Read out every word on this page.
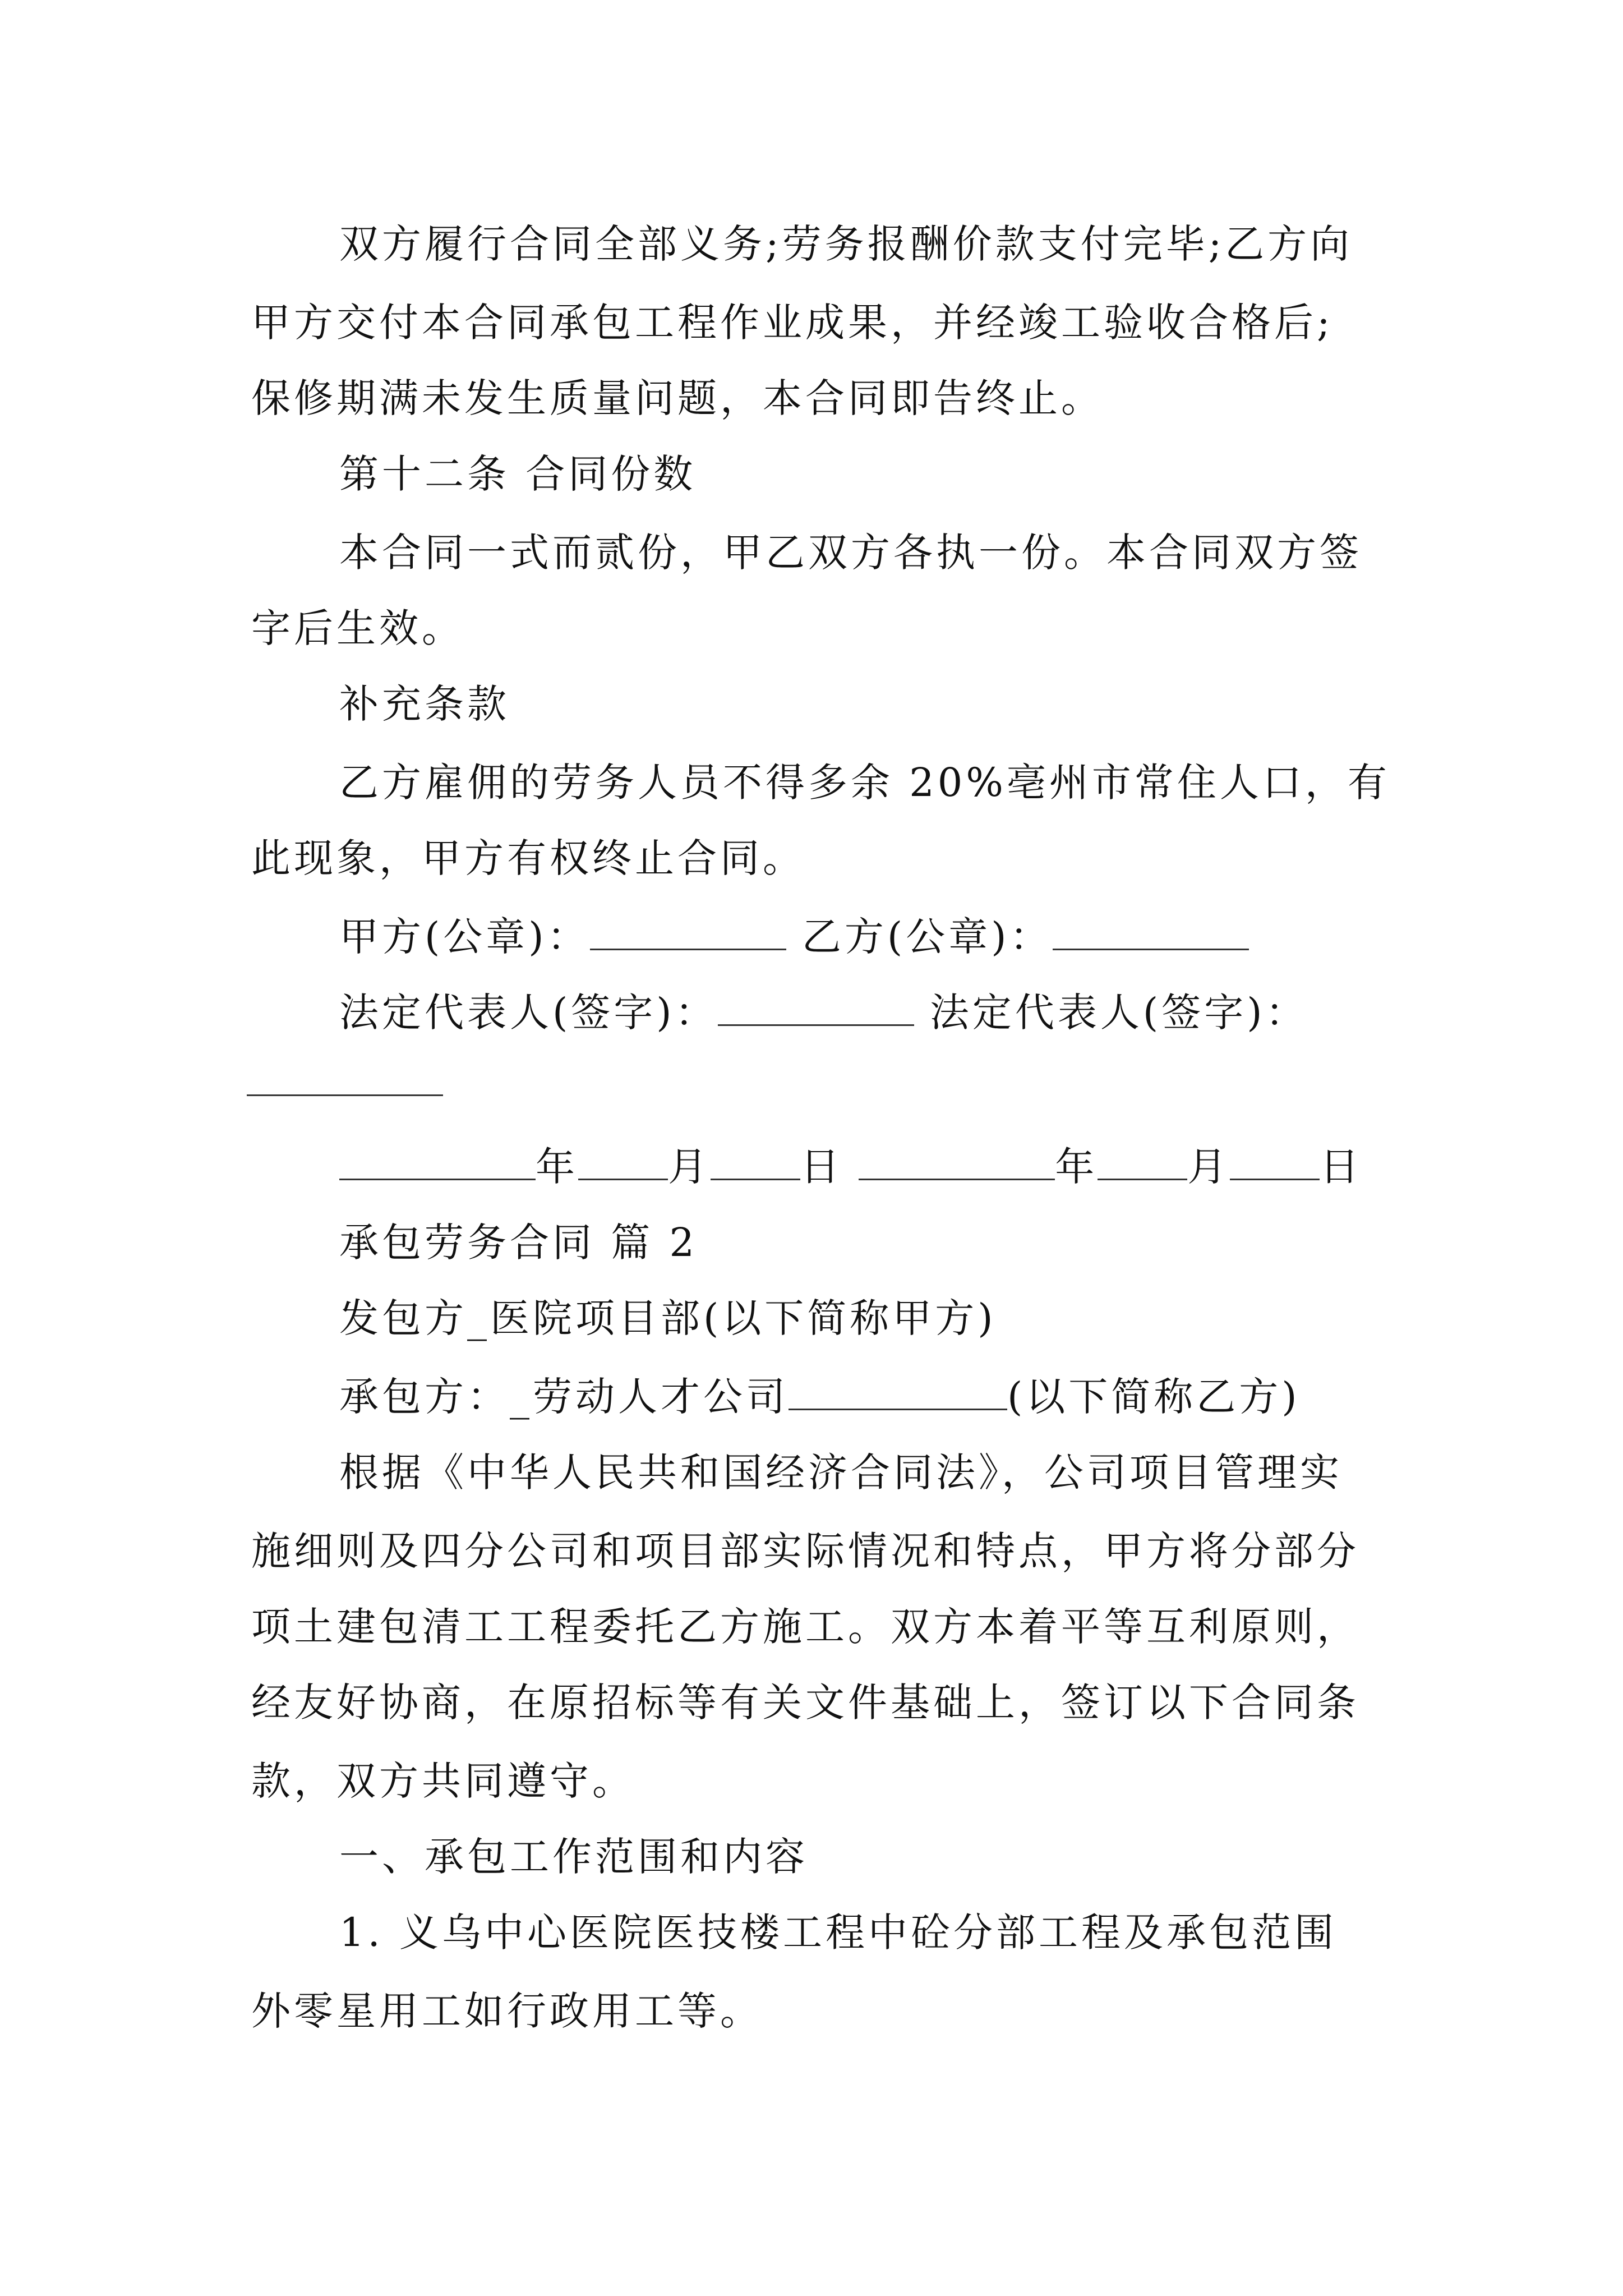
双方履行合同全部义务;劳务报酬价款支付完毕;乙方向
甲方交付本合同承包工程作业成果，并经竣工验收合格后;
保修期满未发生质量问题，本合同即告终止。
第十二条 合同份数
本合同一式而贰份，甲乙双方各执一份。本合同双方签
字后生效。
补充条款
乙方雇佣的劳务人员不得多余 20%亳州市常住人口，有
此现象，甲方有权终止合同。
甲方(公章)：	乙方(公章)：
法定代表人(签字)：	法定代表人(签字)：
年 月 日	年 月 日
承包劳务合同 篇 2
发包方_医院项目部(以下简称甲方)
承包方：_劳动人才公司	(以下简称乙方)
根据《中华人民共和国经济合同法》，公司项目管理实
施细则及四分公司和项目部实际情况和特点，甲方将分部分
项土建包清工工程委托乙方施工。双方本着平等互利原则，
经友好协商，在原招标等有关文件基础上，签订以下合同条
款，双方共同遵守。
一、承包工作范围和内容
1. 义乌中心医院医技楼工程中砼分部工程及承包范围
外零星用工如行政用工等。
